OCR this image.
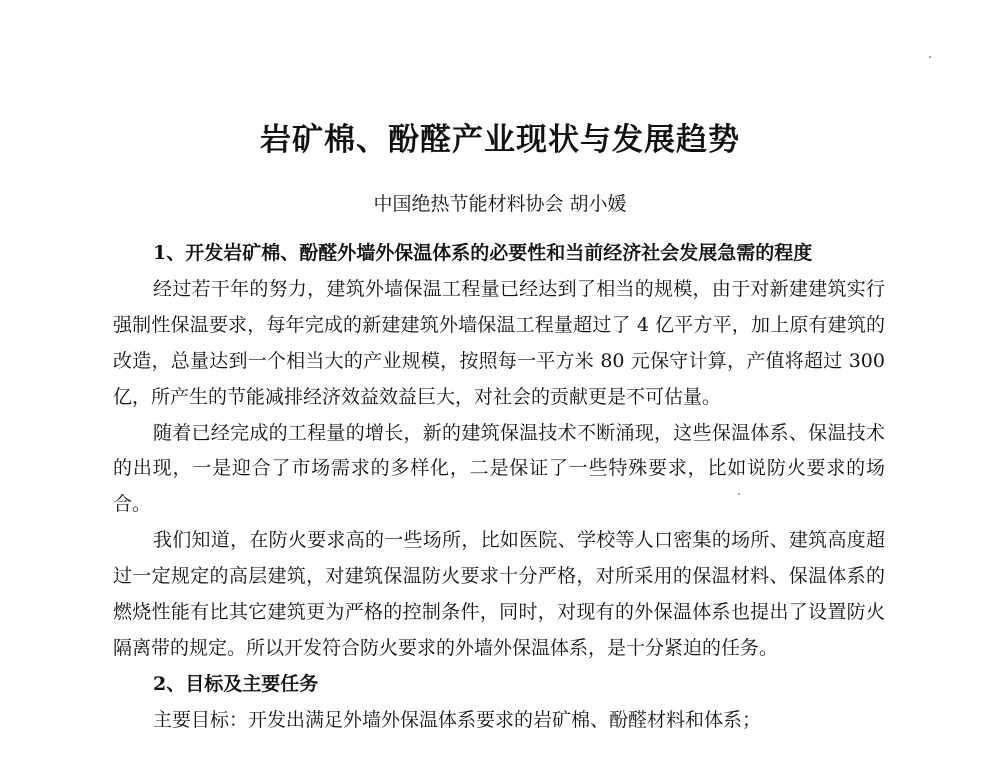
岩矿棉、酚醛产业现状与发展趋势
中国绝热节能材料协会 胡小媛

1、开发岩矿棉、酚醛外墙外保温体系的必要性和当前经济社会发展急需的程度

经过若干年的努力，建筑外墙保温工程量已经达到了相当的规模，由于对新建建筑实行强制性保温要求，每年完成的新建建筑外墙保温工程量超过了 4 亿平方平，加上原有建筑的改造，总量达到一个相当大的产业规模，按照每一平方米 80 元保守计算，产值将超过 300 亿，所产生的节能减排经济效益效益巨大，对社会的贡献更是不可估量。

随着已经完成的工程量的增长，新的建筑保温技术不断涌现，这些保温体系、保温技术的出现，一是迎合了市场需求的多样化，二是保证了一些特殊要求，比如说防火要求的场合。

我们知道，在防火要求高的一些场所，比如医院、学校等人口密集的场所、建筑高度超过一定规定的高层建筑，对建筑保温防火要求十分严格，对所采用的保温材料、保温体系的燃烧性能有比其它建筑更为严格的控制条件，同时，对现有的外保温体系也提出了设置防火隔离带的规定。所以开发符合防火要求的外墙外保温体系，是十分紧迫的任务。

2、目标及主要任务

主要目标：开发出满足外墙外保温体系要求的岩矿棉、酚醛材料和体系；
